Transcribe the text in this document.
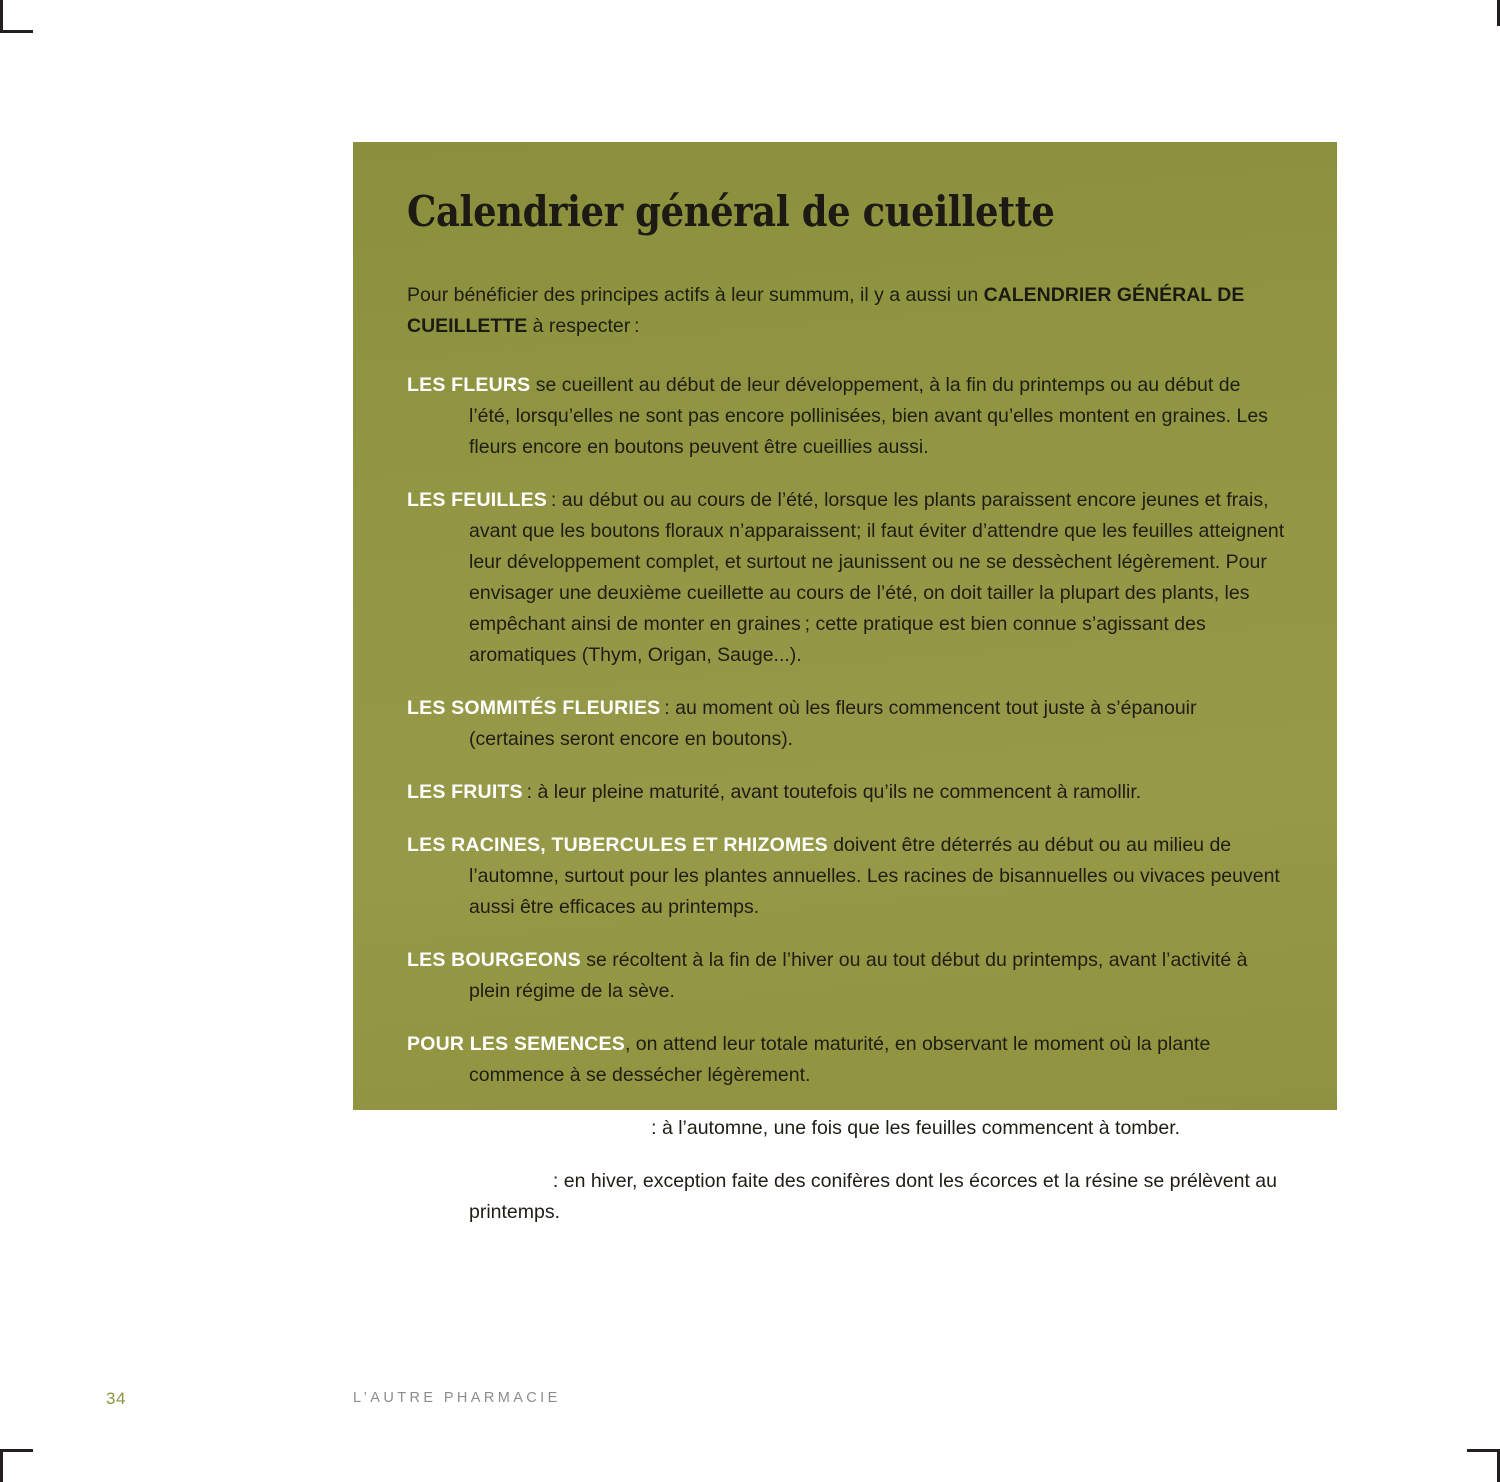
Calendrier général de cueillette

Pour bénéficier des principes actifs à leur summum, il y a aussi un CALENDRIER GÉNÉRAL DE CUEILLETTE à respecter :

LES FLEURS se cueillent au début de leur développement, à la fin du printemps ou au début de l’été, lorsqu’elles ne sont pas encore pollinisées, bien avant qu’elles montent en graines. Les fleurs encore en boutons peuvent être cueillies aussi.

LES FEUILLES : au début ou au cours de l’été, lorsque les plants paraissent encore jeunes et frais, avant que les boutons floraux n’apparaissent; il faut éviter d’attendre que les feuilles atteignent leur développement complet, et surtout ne jaunissent ou ne se dessèchent légèrement. Pour envisager une deuxième cueillette au cours de l’été, on doit tailler la plupart des plants, les empêchant ainsi de monter en graines ; cette pratique est bien connue s’agissant des aromatiques (Thym, Origan, Sauge...).

LES SOMMITÉS FLEURIES : au moment où les fleurs commencent tout juste à s’épanouir (certaines seront encore en boutons).

LES FRUITS : à leur pleine maturité, avant toutefois qu’ils ne commencent à ramollir.

LES RACINES, TUBERCULES ET RHIZOMES doivent être déterrés au début ou au milieu de l’automne, surtout pour les plantes annuelles. Les racines de bisannuelles ou vivaces peuvent aussi être efficaces au printemps.

LES BOURGEONS se récoltent à la fin de l’hiver ou au tout début du printemps, avant l’activité à plein régime de la sève.

POUR LES SEMENCES, on attend leur totale maturité, en observant le moment où la plante commence à se dessécher légèrement.

LES TIGES ET RAMEAUX : à l’automne, une fois que les feuilles commencent à tomber.

LES ÉCORCES : en hiver, exception faite des conifères dont les écorces et la résine se prélèvent au printemps.

34	L’AUTRE PHARMACIE
